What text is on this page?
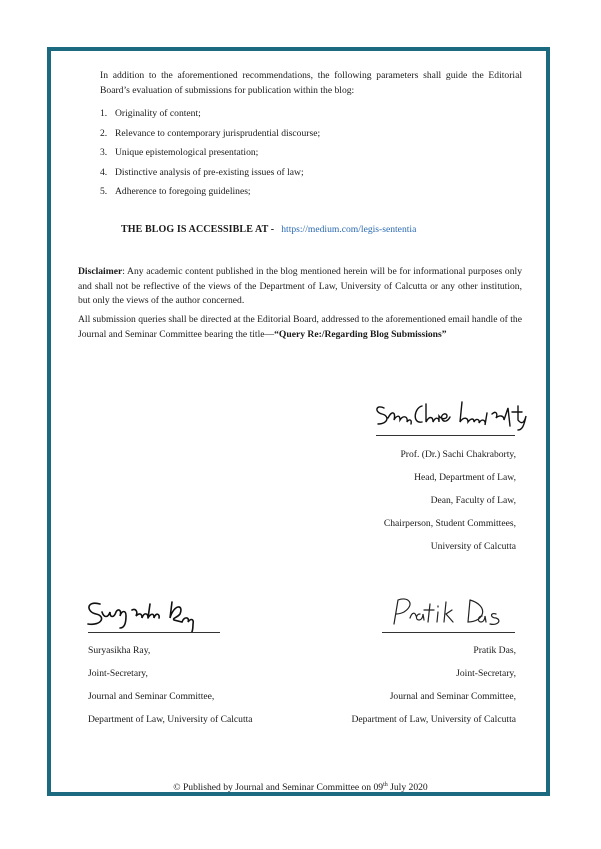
In addition to the aforementioned recommendations, the following parameters shall guide the Editorial Board’s evaluation of submissions for publication within the blog:

1. Originality of content;
2. Relevance to contemporary jurisprudential discourse;
3. Unique epistemological presentation;
4. Distinctive analysis of pre-existing issues of law;
5. Adherence to foregoing guidelines;
THE BLOG IS ACCESSIBLE AT - https://medium.com/legis-sententia

Disclaimer: Any academic content published in the blog mentioned herein will be for informational purposes only and shall not be reflective of the views of the Department of Law, University of Calcutta or any other institution, but only the views of the author concerned.

All submission queries shall be directed at the Editorial Board, addressed to the aforementioned email handle of the Journal and Seminar Committee bearing the title—“Query Re:/Regarding Blog Submissions”

Prof. (Dr.) Sachi Chakraborty,
Head, Department of Law,
Dean, Faculty of Law,
Chairperson, Student Committees,
University of Calcutta
Suryasikha Ray,
Joint-Secretary,
Journal and Seminar Committee,
Department of Law, University of Calcutta
Pratik Das,
Joint-Secretary,
Journal and Seminar Committee,
Department of Law, University of Calcutta
© Published by Journal and Seminar Committee on 09th July 2020
